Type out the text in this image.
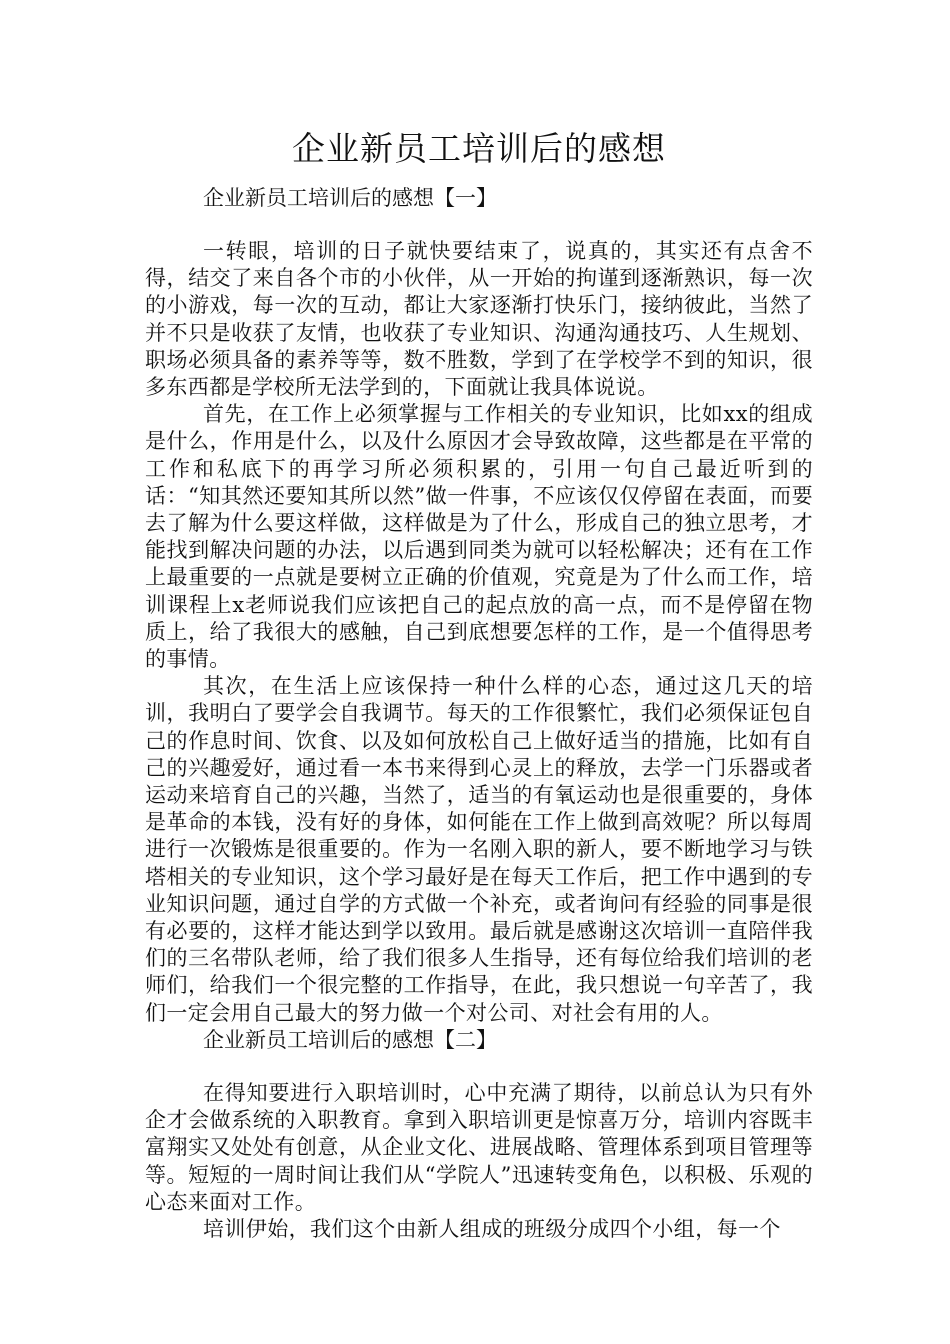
企业新员工培训后的感想

企业新员工培训后的感想【一】

一转眼，培训的日子就快要结束了，说真的，其实还有点舍不得，结交了来自各个市的小伙伴，从一开始的拘谨到逐渐熟识，每一次的小游戏，每一次的互动，都让大家逐渐打快乐门，接纳彼此，当然了并不只是收获了友情，也收获了专业知识、沟通沟通技巧、人生规划、职场必须具备的素养等等，数不胜数，学到了在学校学不到的知识，很多东西都是学校所无法学到的，下面就让我具体说说。

首先，在工作上必须掌握与工作相关的专业知识，比如xx的组成是什么，作用是什么，以及什么原因才会导致故障，这些都是在平常的工作和私底下的再学习所必须积累的，引用一句自己最近听到的话：“知其然还要知其所以然”做一件事，不应该仅仅停留在表面，而要去了解为什么要这样做，这样做是为了什么，形成自己的独立思考，才能找到解决问题的办法，以后遇到同类为就可以轻松解决；还有在工作上最重要的一点就是要树立正确的价值观，究竟是为了什么而工作，培训课程上x老师说我们应该把自己的起点放的高一点，而不是停留在物质上，给了我很大的感触，自己到底想要怎样的工作，是一个值得思考的事情。

其次，在生活上应该保持一种什么样的心态，通过这几天的培训，我明白了要学会自我调节。每天的工作很繁忙，我们必须保证包自己的作息时间、饮食、以及如何放松自己上做好适当的措施，比如有自己的兴趣爱好，通过看一本书来得到心灵上的释放，去学一门乐器或者运动来培育自己的兴趣，当然了，适当的有氧运动也是很重要的，身体是革命的本钱，没有好的身体，如何能在工作上做到高效呢？所以每周进行一次锻炼是很重要的。作为一名刚入职的新人，要不断地学习与铁塔相关的专业知识，这个学习最好是在每天工作后，把工作中遇到的专业知识问题，通过自学的方式做一个补充，或者询问有经验的同事是很有必要的，这样才能达到学以致用。最后就是感谢这次培训一直陪伴我们的三名带队老师，给了我们很多人生指导，还有每位给我们培训的老师们，给我们一个很完整的工作指导，在此，我只想说一句辛苦了，我们一定会用自己最大的努力做一个对公司、对社会有用的人。

企业新员工培训后的感想【二】

在得知要进行入职培训时，心中充满了期待，以前总认为只有外企才会做系统的入职教育。拿到入职培训更是惊喜万分，培训内容既丰富翔实又处处有创意，从企业文化、进展战略、管理体系到项目管理等等。短短的一周时间让我们从“学院人”迅速转变角色，以积极、乐观的心态来面对工作。

培训伊始，我们这个由新人组成的班级分成四个小组，每一个
